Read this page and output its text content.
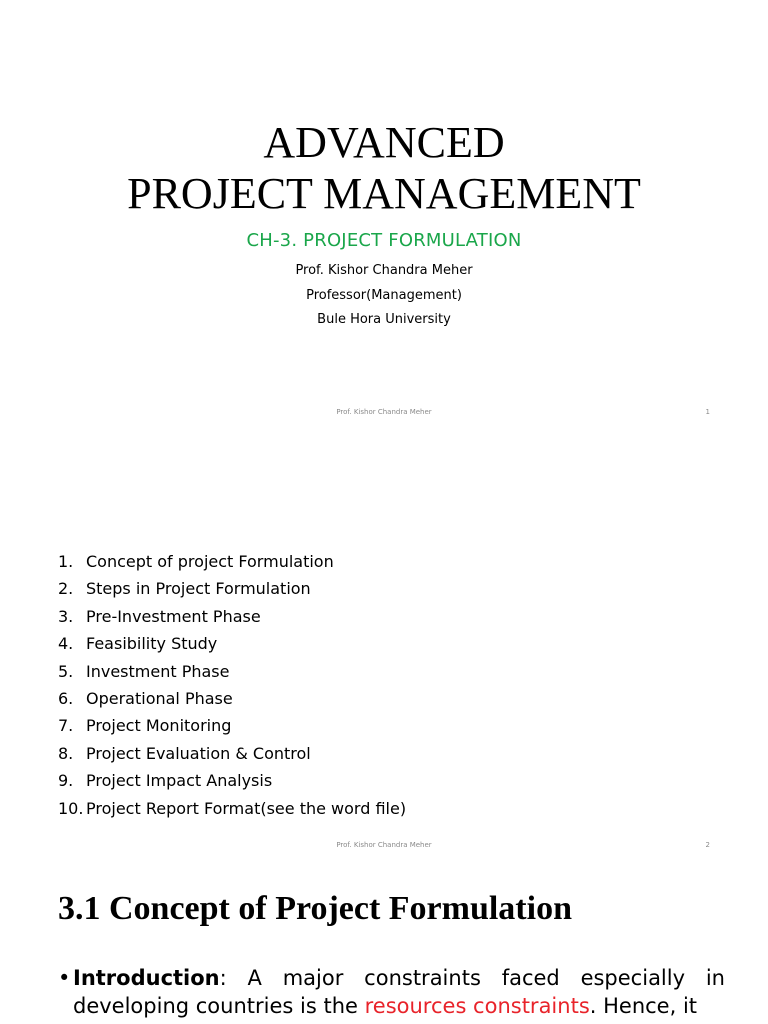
ADVANCED
PROJECT MANAGEMENT
CH-3. PROJECT FORMULATION
Prof. Kishor Chandra Meher
Professor(Management)
Bule Hora University
Prof. Kishor Chandra Meher	1
1. Concept of project Formulation
2. Steps in Project Formulation
3. Pre-Investment Phase
4. Feasibility Study
5. Investment Phase
6. Operational Phase
7. Project Monitoring
8. Project Evaluation & Control
9. Project Impact Analysis
10. Project Report Format(see the word file)
Prof. Kishor Chandra Meher	2
3.1 Concept of Project Formulation
• Introduction: A major constraints faced especially in developing countries is the resources constraints. Hence, it
